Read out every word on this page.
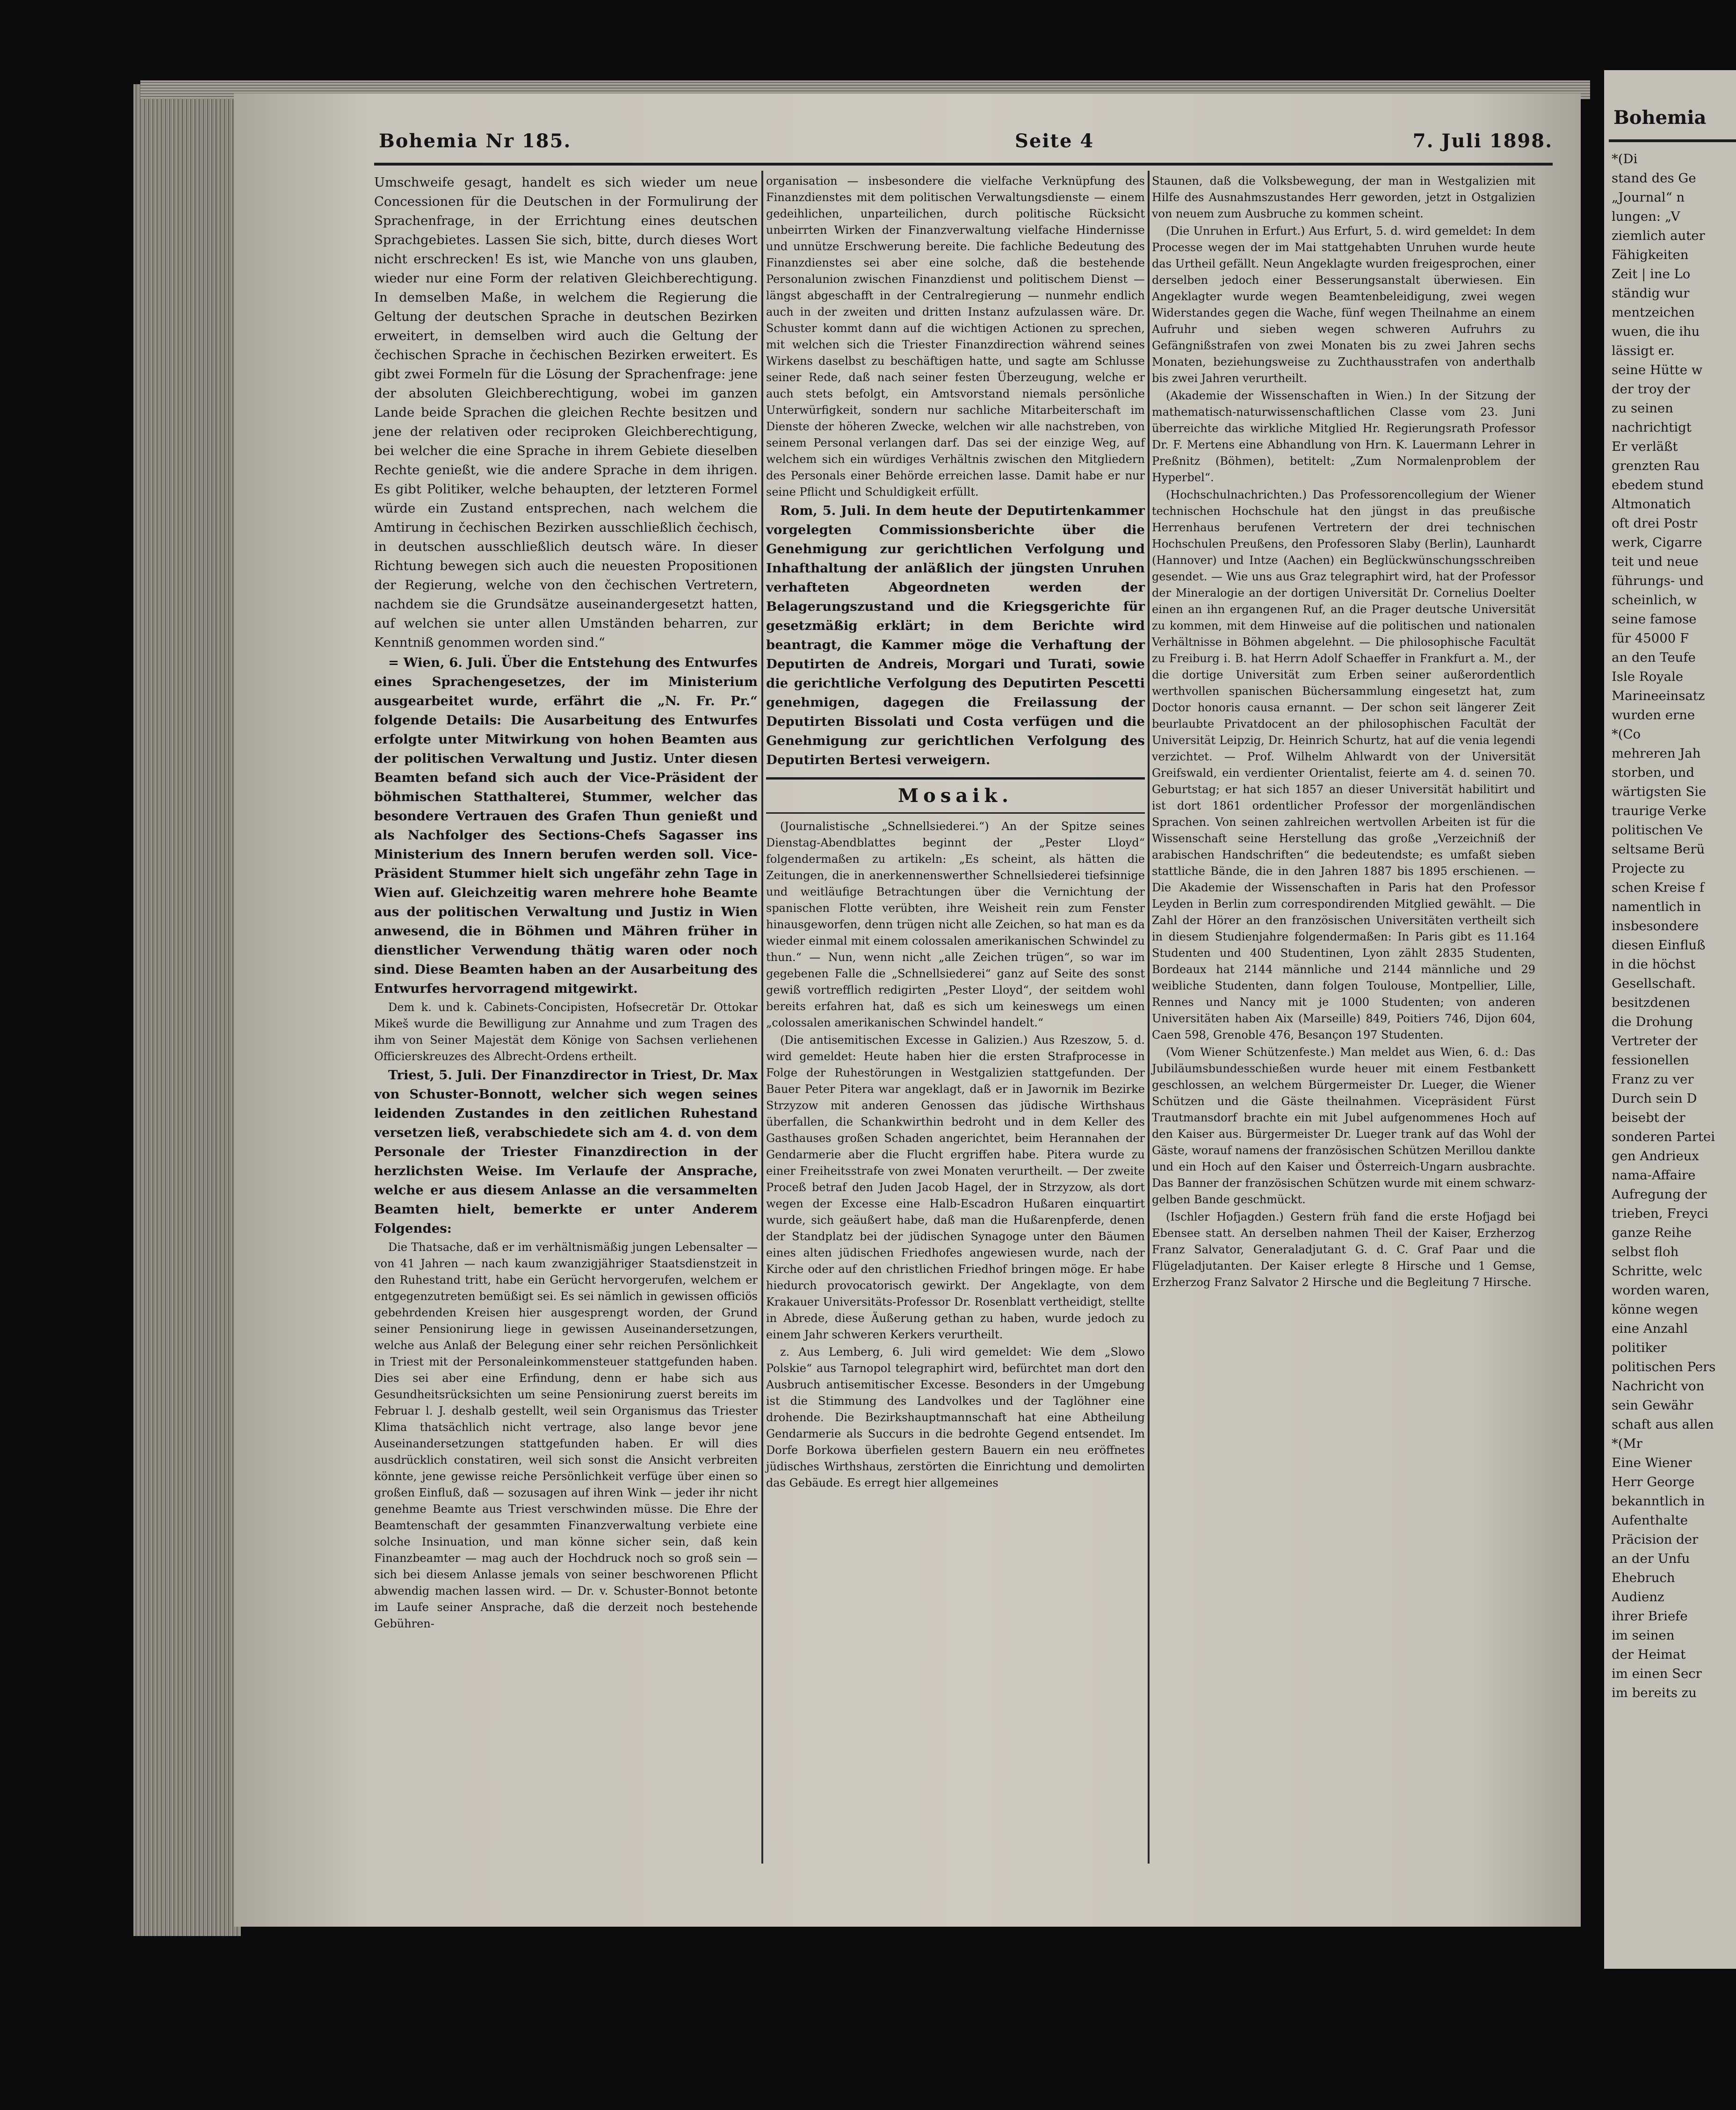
Bohemia Nr 185.	Seite 4	7. Juli 1898.

Umschweife gesagt, handelt es sich wieder um neue Concessionen für die Deutschen in der Formulirung der Sprachenfrage, in der Errichtung eines deutschen Sprachgebietes. Lassen Sie sich, bitte, durch dieses Wort nicht erschrecken! Es ist, wie Manche von uns glauben, wieder nur eine Form der relativen Gleichberechtigung. In demselben Maße, in welchem die Regierung die Geltung der deutschen Sprache in deutschen Bezirken erweitert, in demselben wird auch die Geltung der čechischen Sprache in čechischen Bezirken erweitert. Es gibt zwei Formeln für die Lösung der Sprachenfrage: jene der absoluten Gleichberechtigung, wobei im ganzen Lande beide Sprachen die gleichen Rechte besitzen und jene der relativen oder reciproken Gleichberechtigung, bei welcher die eine Sprache in ihrem Gebiete dieselben Rechte genießt, wie die andere Sprache in dem ihrigen. Es gibt Politiker, welche behaupten, der letzteren Formel würde ein Zustand entsprechen, nach welchem die Amtirung in čechischen Bezirken ausschließlich čechisch, in deutschen ausschließlich deutsch wäre. In dieser Richtung bewegen sich auch die neuesten Propositionen der Regierung, welche von den čechischen Vertretern, nachdem sie die Grundsätze auseinandergesetzt hatten, auf welchen sie unter allen Umständen beharren, zur Kenntniß genommen worden sind.“

= Wien, 6. Juli. Über die Entstehung des Entwurfes eines Sprachengesetzes, der im Ministerium ausgearbeitet wurde, erfährt die „N. Fr. Pr.“ folgende Details: Die Ausarbeitung des Entwurfes erfolgte unter Mitwirkung von hohen Beamten aus der politischen Verwaltung und Justiz. Unter diesen Beamten befand sich auch der Vice-Präsident der böhmischen Statthalterei, Stummer, welcher das besondere Vertrauen des Grafen Thun genießt und als Nachfolger des Sections-Chefs Sagasser ins Ministerium des Innern berufen werden soll. Vice-Präsident Stummer hielt sich ungefähr zehn Tage in Wien auf. Gleichzeitig waren mehrere hohe Beamte aus der politischen Verwaltung und Justiz in Wien anwesend, die in Böhmen und Mähren früher in dienstlicher Verwendung thätig waren oder noch sind. Diese Beamten haben an der Ausarbeitung des Entwurfes hervorragend mitgewirkt.

Dem k. und k. Cabinets-Concipisten, Hofsecretär Dr. Ottokar Mikeš wurde die Bewilligung zur Annahme und zum Tragen des ihm von Seiner Majestät dem Könige von Sachsen verliehenen Officierskreuzes des Albrecht-Ordens ertheilt.

Triest, 5. Juli. Der Finanzdirector in Triest, Dr. Max von Schuster-Bonnott, welcher sich wegen seines leidenden Zustandes in den zeitlichen Ruhestand versetzen ließ, verabschiedete sich am 4. d. von dem Personale der Triester Finanzdirection in der herzlichsten Weise. Im Verlaufe der Ansprache, welche er aus diesem Anlasse an die versammelten Beamten hielt, bemerkte er unter Anderem Folgendes:

Die Thatsache, daß er im verhältnismäßig jungen Lebensalter — von 41 Jahren — nach kaum zwanzigjähriger Staatsdienstzeit in den Ruhestand tritt, habe ein Gerücht hervorgerufen, welchem er entgegenzutreten bemüßigt sei. Es sei nämlich in gewissen officiös gebehrdenden Kreisen hier ausgesprengt worden, der Grund seiner Pensionirung liege in gewissen Auseinandersetzungen, welche aus Anlaß der Belegung einer sehr reichen Persönlichkeit in Triest mit der Personaleinkommensteuer stattgefunden haben. Dies sei aber eine Erfindung, denn er habe sich aus Gesundheitsrücksichten um seine Pensionirung zuerst bereits im Februar l. J. deshalb gestellt, weil sein Organismus das Triester Klima thatsächlich nicht vertrage, also lange bevor jene Auseinandersetzungen stattgefunden haben. Er will dies ausdrücklich constatiren, weil sich sonst die Ansicht verbreiten könnte, jene gewisse reiche Persönlichkeit verfüge über einen so großen Einfluß, daß — sozusagen auf ihren Wink — jeder ihr nicht genehme Beamte aus Triest verschwinden müsse. Die Ehre der Beamtenschaft der gesammten Finanzverwaltung verbiete eine solche Insinuation, und man könne sicher sein, daß kein Finanzbeamter — mag auch der Hochdruck noch so groß sein — sich bei diesem Anlasse jemals von seiner beschworenen Pflicht abwendig machen lassen wird. — Dr. v. Schuster-Bonnot betonte im Laufe seiner Ansprache, daß die derzeit noch bestehende Gebühren-

organisation — insbesondere die vielfache Verknüpfung des Finanzdienstes mit dem politischen Verwaltungsdienste — einem gedeihlichen, unparteilichen, durch politische Rücksicht unbeirrten Wirken der Finanzverwaltung vielfache Hindernisse und unnütze Erschwerung bereite. Die fachliche Bedeutung des Finanzdienstes sei aber eine solche, daß die bestehende Personalunion zwischen Finanzdienst und politischem Dienst — längst abgeschafft in der Centralregierung — nunmehr endlich auch in der zweiten und dritten Instanz aufzulassen wäre. Dr. Schuster kommt dann auf die wichtigen Actionen zu sprechen, mit welchen sich die Triester Finanzdirection während seines Wirkens daselbst zu beschäftigen hatte, und sagte am Schlusse seiner Rede, daß nach seiner festen Überzeugung, welche er auch stets befolgt, ein Amtsvorstand niemals persönliche Unterwürfigkeit, sondern nur sachliche Mitarbeiterschaft im Dienste der höheren Zwecke, welchen wir alle nachstreben, von seinem Personal verlangen darf. Das sei der einzige Weg, auf welchem sich ein würdiges Verhältnis zwischen den Mitgliedern des Personals einer Behörde erreichen lasse. Damit habe er nur seine Pflicht und Schuldigkeit erfüllt.

Rom, 5. Juli. In dem heute der Deputirtenkammer vorgelegten Commissionsberichte über die Genehmigung zur gerichtlichen Verfolgung und Inhafthaltung der anläßlich der jüngsten Unruhen verhafteten Abgeordneten werden der Belagerungszustand und die Kriegsgerichte für gesetzmäßig erklärt; in dem Berichte wird beantragt, die Kammer möge die Verhaftung der Deputirten de Andreis, Morgari und Turati, sowie die gerichtliche Verfolgung des Deputirten Pescetti genehmigen, dagegen die Freilassung der Deputirten Bissolati und Costa verfügen und die Genehmigung zur gerichtlichen Verfolgung des Deputirten Bertesi verweigern.

Mosaik.

(Journalistische „Schnellsiederei.“) An der Spitze seines Dienstag-Abendblattes beginnt der „Pester Lloyd“ folgendermaßen zu artikeln: „Es scheint, als hätten die Zeitungen, die in anerkennenswerther Schnellsiederei tiefsinnige und weitläufige Betrachtungen über die Vernichtung der spanischen Flotte verübten, ihre Weisheit rein zum Fenster hinausgeworfen, denn trügen nicht alle Zeichen, so hat man es da wieder einmal mit einem colossalen amerikanischen Schwindel zu thun.“ — Nun, wenn nicht „alle Zeichen trügen“, so war im gegebenen Falle die „Schnellsiederei“ ganz auf Seite des sonst gewiß vortrefflich redigirten „Pester Lloyd“, der seitdem wohl bereits erfahren hat, daß es sich um keineswegs um einen „colossalen amerikanischen Schwindel handelt.“

(Die antisemitischen Excesse in Galizien.) Aus Rzeszow, 5. d. wird gemeldet: Heute haben hier die ersten Strafprocesse in Folge der Ruhestörungen in Westgalizien stattgefunden. Der Bauer Peter Pitera war angeklagt, daß er in Jawornik im Bezirke Strzyzow mit anderen Genossen das jüdische Wirthshaus überfallen, die Schankwirthin bedroht und in dem Keller des Gasthauses großen Schaden angerichtet, beim Herannahen der Gendarmerie aber die Flucht ergriffen habe. Pitera wurde zu einer Freiheitsstrafe von zwei Monaten verurtheilt. — Der zweite Proceß betraf den Juden Jacob Hagel, der in Strzyzow, als dort wegen der Excesse eine Halb-Escadron Hußaren einquartirt wurde, sich geäußert habe, daß man die Hußarenpferde, denen der Standplatz bei der jüdischen Synagoge unter den Bäumen eines alten jüdischen Friedhofes angewiesen wurde, nach der Kirche oder auf den christlichen Friedhof bringen möge. Er habe hiedurch provocatorisch gewirkt. Der Angeklagte, von dem Krakauer Universitäts-Professor Dr. Rosenblatt vertheidigt, stellte in Abrede, diese Äußerung gethan zu haben, wurde jedoch zu einem Jahr schweren Kerkers verurtheilt.

z. Aus Lemberg, 6. Juli wird gemeldet: Wie dem „Slowo Polskie“ aus Tarnopol telegraphirt wird, befürchtet man dort den Ausbruch antisemitischer Excesse. Besonders in der Umgebung ist die Stimmung des Landvolkes und der Taglöhner eine drohende. Die Bezirkshauptmannschaft hat eine Abtheilung Gendarmerie als Succurs in die bedrohte Gegend entsendet. Im Dorfe Borkowa überfielen gestern Bauern ein neu eröffnetes jüdisches Wirthshaus, zerstörten die Einrichtung und demolirten das Gebäude. Es erregt hier allgemeines

Staunen, daß die Volksbewegung, der man in Westgalizien mit Hilfe des Ausnahmszustandes Herr geworden, jetzt in Ostgalizien von neuem zum Ausbruche zu kommen scheint.

(Die Unruhen in Erfurt.) Aus Erfurt, 5. d. wird gemeldet: In dem Processe wegen der im Mai stattgehabten Unruhen wurde heute das Urtheil gefällt. Neun Angeklagte wurden freigesprochen, einer derselben jedoch einer Besserungsanstalt überwiesen. Ein Angeklagter wurde wegen Beamtenbeleidigung, zwei wegen Widerstandes gegen die Wache, fünf wegen Theilnahme an einem Aufruhr und sieben wegen schweren Aufruhrs zu Gefängnißstrafen von zwei Monaten bis zu zwei Jahren sechs Monaten, beziehungsweise zu Zuchthausstrafen von anderthalb bis zwei Jahren verurtheilt.

(Akademie der Wissenschaften in Wien.) In der Sitzung der mathematisch-naturwissenschaftlichen Classe vom 23. Juni überreichte das wirkliche Mitglied Hr. Regierungsrath Professor Dr. F. Mertens eine Abhandlung von Hrn. K. Lauermann Lehrer in Preßnitz (Böhmen), betitelt: „Zum Normalenproblem der Hyperbel“.

(Hochschulnachrichten.) Das Professorencollegium der Wiener technischen Hochschule hat den jüngst in das preußische Herrenhaus berufenen Vertretern der drei technischen Hochschulen Preußens, den Professoren Slaby (Berlin), Launhardt (Hannover) und Intze (Aachen) ein Beglückwünschungsschreiben gesendet. — Wie uns aus Graz telegraphirt wird, hat der Professor der Mineralogie an der dortigen Universität Dr. Cornelius Doelter einen an ihn ergangenen Ruf, an die Prager deutsche Universität zu kommen, mit dem Hinweise auf die politischen und nationalen Verhältnisse in Böhmen abgelehnt. — Die philosophische Facultät zu Freiburg i. B. hat Herrn Adolf Schaeffer in Frankfurt a. M., der die dortige Universität zum Erben seiner außerordentlich werthvollen spanischen Büchersammlung eingesetzt hat, zum Doctor honoris causa ernannt. — Der schon seit längerer Zeit beurlaubte Privatdocent an der philosophischen Facultät der Universität Leipzig, Dr. Heinrich Schurtz, hat auf die venia legendi verzichtet. — Prof. Wilhelm Ahlwardt von der Universität Greifswald, ein verdienter Orientalist, feierte am 4. d. seinen 70. Geburtstag; er hat sich 1857 an dieser Universität habilitirt und ist dort 1861 ordentlicher Professor der morgenländischen Sprachen. Von seinen zahlreichen wertvollen Arbeiten ist für die Wissenschaft seine Herstellung das große „Verzeichniß der arabischen Handschriften“ die bedeutendste; es umfaßt sieben stattliche Bände, die in den Jahren 1887 bis 1895 erschienen. — Die Akademie der Wissenschaften in Paris hat den Professor Leyden in Berlin zum correspondirenden Mitglied gewählt. — Die Zahl der Hörer an den französischen Universitäten vertheilt sich in diesem Studienjahre folgendermaßen: In Paris gibt es 11.164 Studenten und 400 Studentinen, Lyon zählt 2835 Studenten, Bordeaux hat 2144 männliche und 2144 männliche und 29 weibliche Studenten, dann folgen Toulouse, Montpellier, Lille, Rennes und Nancy mit je 1000 Studenten; von anderen Universitäten haben Aix (Marseille) 849, Poitiers 746, Dijon 604, Caen 598, Grenoble 476, Besançon 197 Studenten.

(Vom Wiener Schützenfeste.) Man meldet aus Wien, 6. d.: Das Jubiläumsbundesschießen wurde heuer mit einem Festbankett geschlossen, an welchem Bürgermeister Dr. Lueger, die Wiener Schützen und die Gäste theilnahmen. Vicepräsident Fürst Trautmansdorf brachte ein mit Jubel aufgenommenes Hoch auf den Kaiser aus. Bürgermeister Dr. Lueger trank auf das Wohl der Gäste, worauf namens der französischen Schützen Merillou dankte und ein Hoch auf den Kaiser und Österreich-Ungarn ausbrachte. Das Banner der französischen Schützen wurde mit einem schwarz-gelben Bande geschmückt.

(Ischler Hofjagden.) Gestern früh fand die erste Hofjagd bei Ebensee statt. An derselben nahmen Theil der Kaiser, Erzherzog Franz Salvator, Generaladjutant G. d. C. Graf Paar und die Flügeladjutanten. Der Kaiser erlegte 8 Hirsche und 1 Gemse, Erzherzog Franz Salvator 2 Hirsche und die Begleitung 7 Hirsche.

Bohemia
*(Di
stand des Ge
„Journal“ n
lungen: „V
ziemlich auter
Fähigkeiten
Zeit | ine Lo
ständig wur
mentzeichen
wuen, die ihu
lässigt er.
seine Hütte w
der troy der
zu seinen
nachrichtigt
Er verläßt
grenzten Rau
ebedem stund
Altmonatich
oft drei Postr
werk, Cigarre
teit und neue
führungs- und
scheinlich, w
seine famose
für 45000 F
an den Teufe
Isle Royale
Marineeinsatz
wurden erne
*(Co
mehreren Jah
storben, und
wärtigsten Sie
traurige Verke
politischen Ve
seltsame Berü
Projecte zu
schen Kreise f
namentlich in
insbesondere
diesen Einfluß
in die höchst
Gesellschaft.
besitzdenen
die Drohung
Vertreter der
fessionellen
Franz zu ver
Durch sein D
beisebt der
sonderen Partei
gen Andrieux
nama-Affaire
Aufregung der
trieben, Freyci
ganze Reihe
selbst floh
Schritte, welc
worden waren,
könne wegen
eine Anzahl
politiker
politischen Pers
Nachricht von
sein Gewähr
schaft aus allen
*(Mr
Eine Wiener
Herr George
bekanntlich in
Aufenthalte
Präcision der
an der Unfu
Ehebruch
Audienz
ihrer Briefe
im seinen
der Heimat
im einen Secr
im bereits zu
